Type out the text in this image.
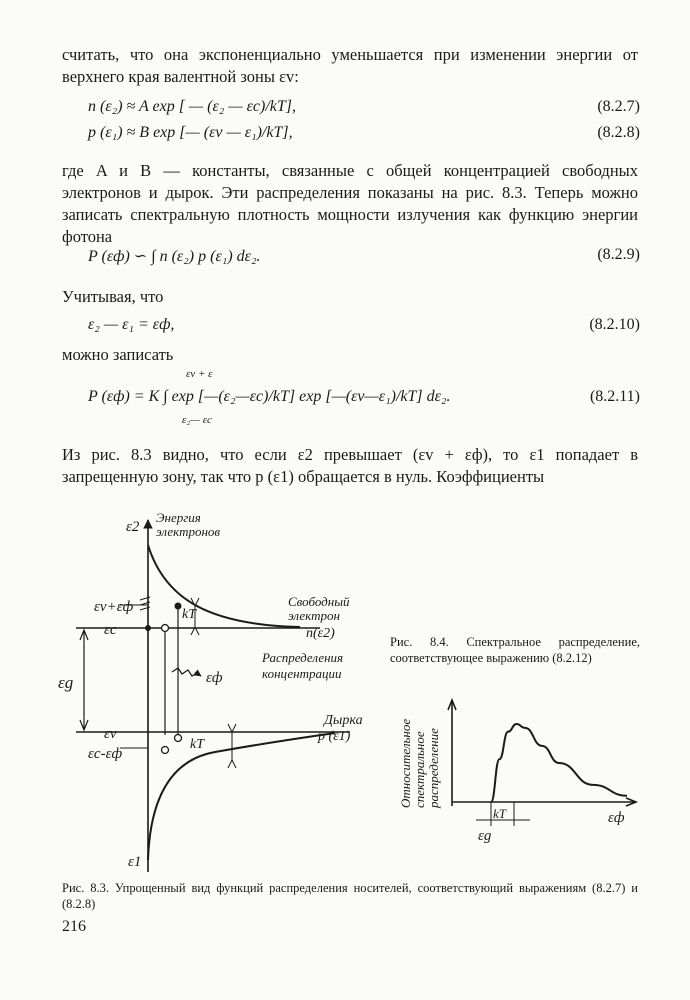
считать, что она экспоненциально уменьшается при изменении энергии от верхнего края валентной зоны εv:

n (ε₂) ≈ A exp [ — (ε₂ — εc)/kT],	(8.2.7)
p (ε₁) ≈ B exp [— (εv — ε₁)/kT],	(8.2.8)

где A и B — константы, связанные с общей концентрацией свободных электронов и дырок. Эти распределения показаны на рис. 8.3. Теперь можно записать спектральную плотность мощности излучения как функцию энергии фотона

P (εф) ∽ ∫ n (ε₂) p (ε₁) dε₂.	(8.2.9)

Учитывая, что

ε₂ — ε₁ = εф,	(8.2.10)

можно записать

εv + ε
P (εф) = K ∫ exp [—(ε₂—εc)/kT] exp [—(εv—ε₁)/kT] dε₂.	(8.2.11)
ε₂— εc

Из рис. 8.3 видно, что если ε2 превышает (εv + εф), то ε1 попадает в запрещенную зону, так что p (ε1) обращается в нуль. Коэффициенты

ε2
Энергия
электронов
Свободный
электрон
n(ε2)
εv+εф
εc
kT
Распределения
концентрации
εф
εg
εv
Дырка
p (ε1)
kT
εc-εф
ε1
Рис. 8.4. Спектральное распределение, соответствующее выражению (8.2.12)
Относительное спектральное распределение
εф
kT
εg
Рис. 8.3. Упрощенный вид функций распределения носителей, соответствующий выражениям (8.2.7) и (8.2.8)
216
